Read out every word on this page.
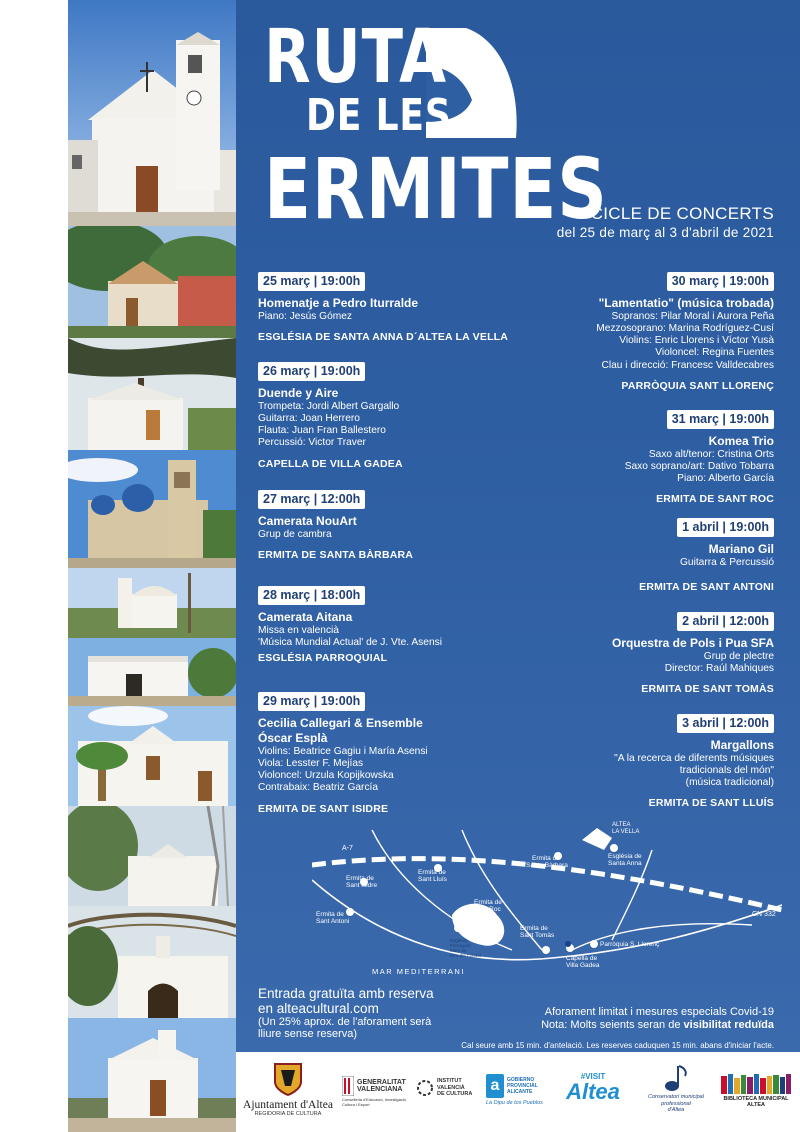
RUTA
DE LES
ERMITES
CICLE DE CONCERTS
del 25 de març al 3 d'abril de 2021
25 març | 19:00h
Homenatje a Pedro Iturralde
Piano: Jesús Gómez
ESGLÉSIA DE SANTA ANNA D´ALTEA LA VELLA
26 març | 19:00h
Duende y Aire
Trompeta: Jordi Albert Gargallo
Guitarra: Joan Herrero
Flauta: Juan Fran Ballestero
Percussió: Victor Traver
CAPELLA DE VILLA GADEA
27 març | 12:00h
Camerata NouArt
Grup de cambra
ERMITA DE SANTA BÀRBARA
28 març | 18:00h
Camerata Aitana
Missa en valencià
'Música Mundial Actual' de J. Vte. Asensi
ESGLÉSIA PARROQUIAL
29 març | 19:00h
Cecilia Callegari & Ensemble
Óscar Esplà
Violins: Beatrice Gagiu i María Asensi
Viola: Lesster F. Mejías
Violoncel: Urzula Kopijkowska
Contrabaix: Beatriz García
ERMITA DE SANT ISIDRE
30 març | 19:00h
"Lamentatio" (música trobada)
Sopranos: Pilar Moral i Aurora Peña
Mezzosoprano: Marina Rodríguez-Cusí
Violins: Enric Llorens i Víctor Yusà
Violoncel: Regina Fuentes
Clau i direcció: Francesc Valldecabres
PARRÒQUIA SANT LLORENÇ
31 març | 19:00h
Komea Trio
Saxo alt/tenor: Cristina Orts
Saxo soprano/art: Dativo Tobarra
Piano: Alberto García
ERMITA DE SANT ROC
1 abril | 19:00h
Mariano Gil
Guitarra & Percussió
ERMITA DE SANT ANTONI
2 abril | 12:00h
Orquestra de Pols i Pua SFA
Grup de plectre
Director: Raúl Mahiques
ERMITA DE SANT TOMÀS
3 abril | 12:00h
Margallons
"A la recerca de diferents músiques
tradicionals del món"
(música tradicional)
ERMITA DE SANT LLUÍS
A-7
CN 332
ALTEA
LA VELLA
Ermita de
Santa Bàrbara
Església de
Santa Anna
Ermita de
Sant Lluís
Ermita de
Sant Isidre
Ermita de
Sant Roc
Ermita de
Sant Antoni
Ermita de
Sant Tomàs
Església
Parroquial
Mare de
Déu del Consol
Parròquia S. Llorenç
Capella de
Villa Gadea
MAR MEDITERRANI
Entrada gratuïta amb reserva
en alteacultural.com
(Un 25% aprox. de l'aforament serà
lliure sense reserva)
Aforament limitat i mesures especials Covid-19
Nota: Molts seients seran de visibilitat reduïda
Cal seure amb 15 min. d'antelació. Les reserves caduquen 15 min. abans d'iniciar l'acte.
Ajuntament d'Altea
REGIDORIA DE CULTURA
GENERALITAT
VALENCIANA
Conselleria d'Educació, Investigació, Cultura i Esport
INSTITUT
VALENCIÀ
DE CULTURA a	GOBIERNO
PROVINCIAL
ALICANTE
La Dipu de tos Pueblos
#VISIT
Altea	Conservatori municipal
professional
d'Altea
BIBLIOTECA MUNICIPAL ALTEA
